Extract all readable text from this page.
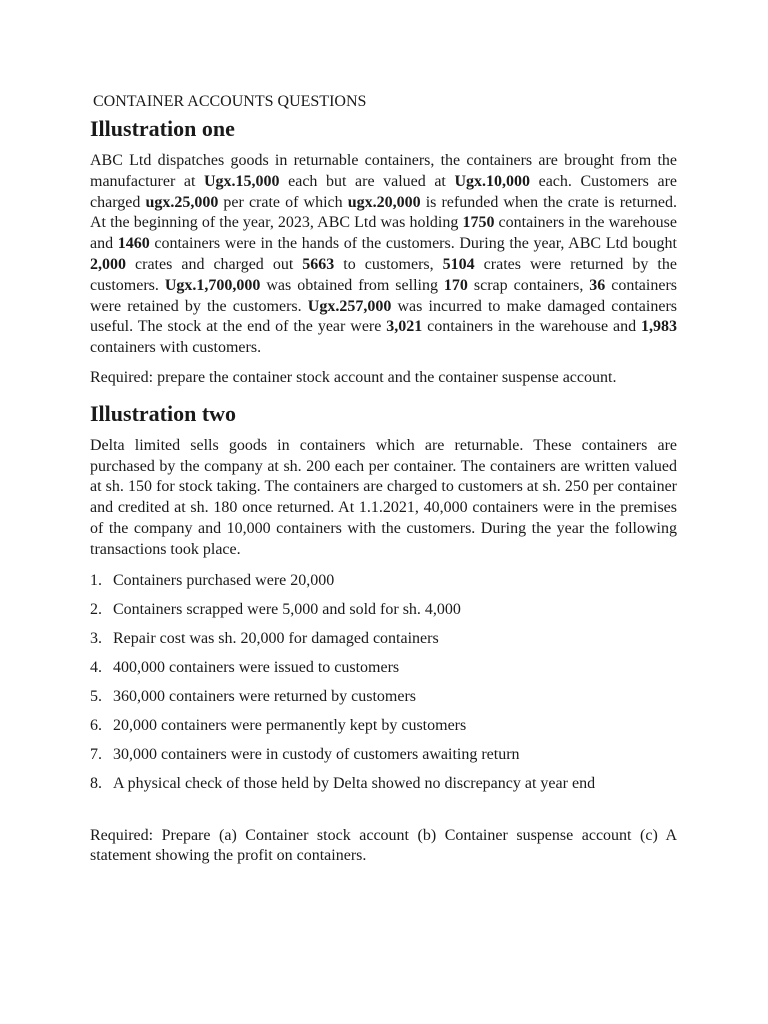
CONTAINER ACCOUNTS QUESTIONS

Illustration one

ABC Ltd dispatches goods in returnable containers, the containers are brought from the manufacturer at Ugx.15,000 each but are valued at Ugx.10,000 each. Customers are charged ugx.25,000 per crate of which ugx.20,000 is refunded when the crate is returned. At the beginning of the year, 2023, ABC Ltd was holding 1750 containers in the warehouse and 1460 containers were in the hands of the customers. During the year, ABC Ltd bought 2,000 crates and charged out 5663 to customers, 5104 crates were returned by the customers. Ugx.1,700,000 was obtained from selling 170 scrap containers, 36 containers were retained by the customers. Ugx.257,000 was incurred to make damaged containers useful. The stock at the end of the year were 3,021 containers in the warehouse and 1,983 containers with customers.

Required: prepare the container stock account and the container suspense account.

Illustration two

Delta limited sells goods in containers which are returnable. These containers are purchased by the company at sh. 200 each per container. The containers are written valued at sh. 150 for stock taking. The containers are charged to customers at sh. 250 per container and credited at sh. 180 once returned. At 1.1.2021, 40,000 containers were in the premises of the company and 10,000 containers with the customers. During the year the following transactions took place.

1. Containers purchased were 20,000
2. Containers scrapped were 5,000 and sold for sh. 4,000
3. Repair cost was sh. 20,000 for damaged containers
4. 400,000 containers were issued to customers
5. 360,000 containers were returned by customers
6. 20,000 containers were permanently kept by customers
7. 30,000 containers were in custody of customers awaiting return
8. A physical check of those held by Delta showed no discrepancy at year end

Required: Prepare (a) Container stock account (b) Container suspense account (c) A statement showing the profit on containers.
